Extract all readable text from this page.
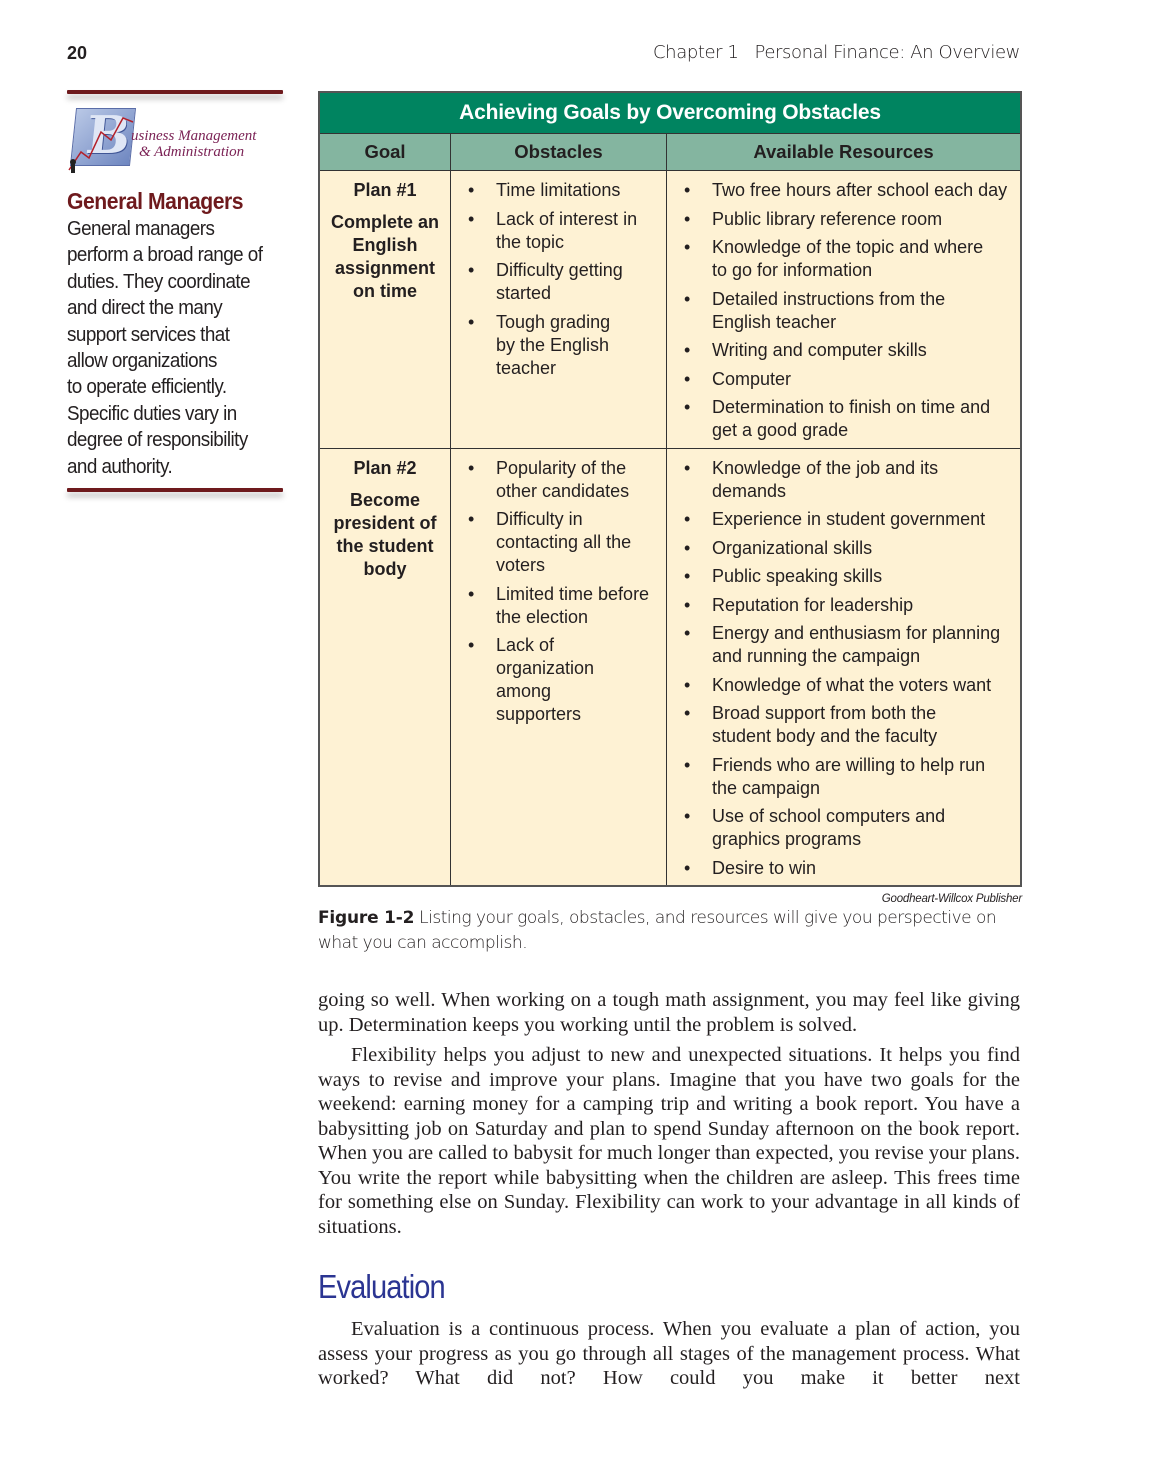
20	Chapter 1   Personal Finance: An Overview
B
usiness Management
& Administration
General Managers
General managers
perform a broad range of
duties. They coordinate
and direct the many
support services that
allow organizations
to operate efficiently.
Specific duties vary in
degree of responsibility
and authority.
Achieving Goals by Overcoming Obstacles		
Goal	Obstacles	Available Resources

Plan #1
Complete an English assignment on time

• Time limitations
• Lack of interest in the topic
• Difficulty getting started
• Tough grading by the English teacher

• Two free hours after school each day
• Public library reference room
• Knowledge of the topic and where to go for information
• Detailed instructions from the English teacher
• Writing and computer skills
• Computer
• Determination to finish on time and get a good grade

Plan #2
Become president of the student body

• Popularity of the other candidates
• Difficulty in contacting all the voters
• Limited time before the election
• Lack of organization among supporters

• Knowledge of the job and its demands
• Experience in student government
• Organizational skills
• Public speaking skills
• Reputation for leadership
• Energy and enthusiasm for planning and running the campaign
• Knowledge of what the voters want
• Broad support from both the student body and the faculty
• Friends who are willing to help run the campaign
• Use of school computers and graphics programs
• Desire to win
Goodheart-Willcox Publisher
Figure 1-2 Listing your goals, obstacles, and resources will give you perspective on what you can accomplish.

going so well. When working on a tough math assignment, you may feel like giving up. Determination keeps you working until the problem is solved.

Flexibility helps you adjust to new and unexpected situations. It helps you find ways to revise and improve your plans. Imagine that you have two goals for the weekend: earning money for a camping trip and writing a book report. You have a babysitting job on Saturday and plan to spend Sunday afternoon on the book report. When you are called to babysit for much longer than expected, you revise your plans. You write the report while babysitting when the children are asleep. This frees time for something else on Sunday. Flexibility can work to your advantage in all kinds of situations.

Evaluation

Evaluation is a continuous process. When you evaluate a plan of action, you assess your progress as you go through all stages of the management process. What worked? What did not? How could you make it better next
